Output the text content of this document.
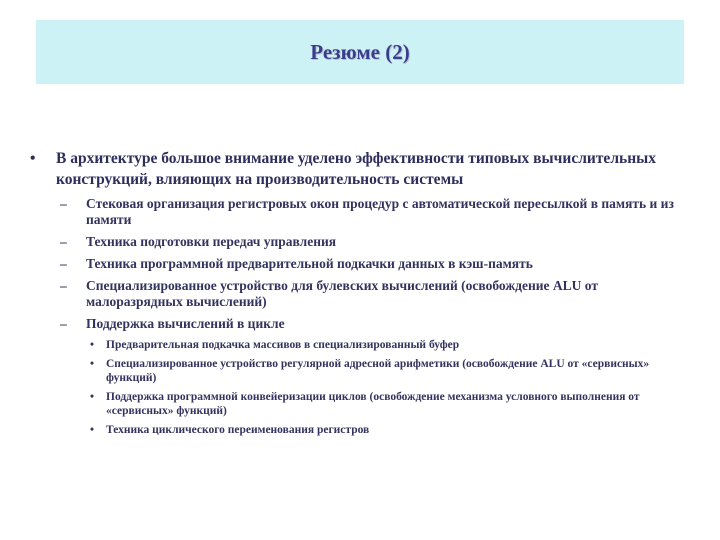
Резюме (2)
• В архитектуре большое внимание уделено эффективности типовых вычислительных конструкций, влияющих на производительность системы
– Стековая организация регистровых окон процедур с автоматической пересылкой в память и из памяти
– Техника подготовки передач управления
– Техника программной предварительной подкачки данных в кэш-память
– Специализированное устройство для булевских вычислений (освобождение ALU от малоразрядных вычислений)
– Поддержка вычислений в цикле
• Предварительная подкачка массивов в специализированный буфер
• Специализированное устройство регулярной адресной арифметики (освобождение ALU от «сервисных» функций)
• Поддержка программной конвейеризации циклов (освобождение механизма условного выполнения от «сервисных» функций)
• Техника циклического переименования регистров
